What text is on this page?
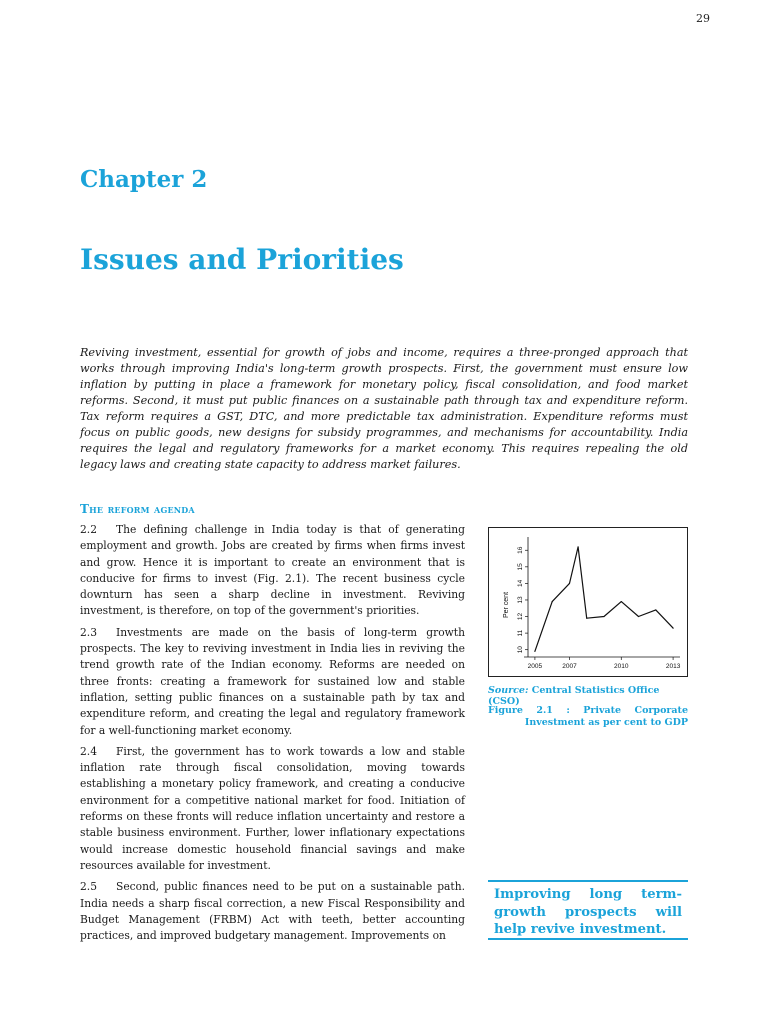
29
Chapter 2
Issues and Priorities

Reviving investment, essential for growth of jobs and income, requires a three-pronged approach that works through improving India's long-term growth prospects. First, the government must ensure low inflation by putting in place a framework for monetary policy, fiscal consolidation, and food market reforms. Second, it must put public finances on a sustainable path through tax and expenditure reform. Tax reform requires a GST, DTC, and more predictable tax administration. Expenditure reforms must focus on public goods, new designs for subsidy programmes, and mechanisms for accountability. India requires the legal and regulatory frameworks for a market economy. This requires repealing the old legacy laws and creating state capacity to address market failures.

The reform agenda

2.2 The defining challenge in India today is that of generating employment and growth. Jobs are created by firms when firms invest and grow. Hence it is important to create an environment that is conducive for firms to invest (Fig. 2.1). The recent business cycle downturn has seen a sharp decline in investment. Reviving investment, is therefore, on top of the government's priorities.

2.3 Investments are made on the basis of long-term growth prospects. The key to reviving investment in India lies in reviving the trend growth rate of the Indian economy. Reforms are needed on three fronts: creating a framework for sustained low and stable inflation, setting public finances on a sustainable path by tax and expenditure reform, and creating the legal and regulatory framework for a well-functioning market economy.

2.4 First, the government has to work towards a low and stable inflation rate through fiscal consolidation, moving towards establishing a monetary policy framework, and creating a conducive environment for a competitive national market for food. Initiation of reforms on these fronts will reduce inflation uncertainty and restore a stable business environment. Further, lower inflationary expectations would increase domestic household financial savings and make resources available for investment.

2.5 Second, public finances need to be put on a sustainable path. India needs a sharp fiscal correction, a new Fiscal Responsibility and Budget Management (FRBM) Act with teeth, better accounting practices, and improved budgetary management. Improvements on

10
11
12
13
14
15
16
2005	2007	2010	2013
Per cent
Source: Central Statistics Office (CSO)
Figure 2.1 : Private Corporate Investment as per cent to GDP
Improving long term-growth prospects will help revive investment.
